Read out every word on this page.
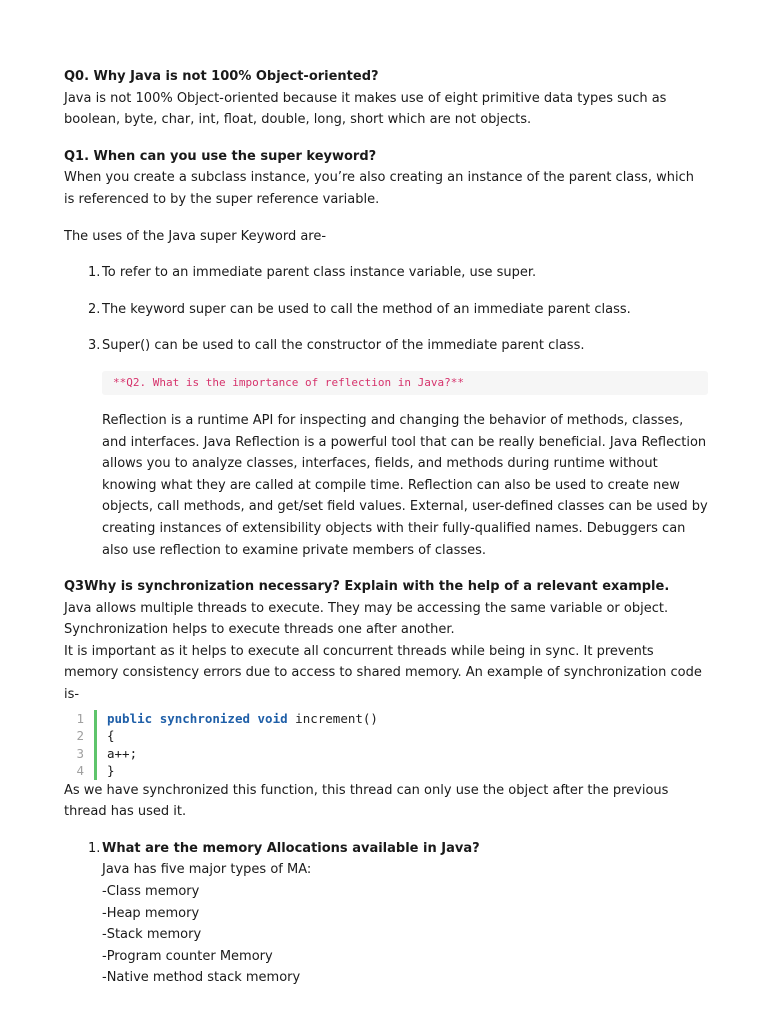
Q0. Why Java is not 100% Object-oriented?

Java is not 100% Object-oriented because it makes use of eight primitive data types such as boolean, byte, char, int, float, double, long, short which are not objects.

Q1. When can you use the super keyword?

When you create a subclass instance, you’re also creating an instance of the parent class, which is referenced to by the super reference variable.

The uses of the Java super Keyword are-

1. To refer to an immediate parent class instance variable, use super.
2. The keyword super can be used to call the method of an immediate parent class.
3. Super() can be used to call the constructor of the immediate parent class.
**Q2. What is the importance of reflection in Java?**

Reflection is a runtime API for inspecting and changing the behavior of methods, classes, and interfaces. Java Reflection is a powerful tool that can be really beneficial. Java Reflection allows you to analyze classes, interfaces, fields, and methods during runtime without knowing what they are called at compile time. Reflection can also be used to create new objects, call methods, and get/set field values. External, user-defined classes can be used by creating instances of extensibility objects with their fully-qualified names. Debuggers can also use reflection to examine private members of classes.

Q3Why is synchronization necessary? Explain with the help of a relevant example.

Java allows multiple threads to execute. They may be accessing the same variable or object. Synchronization helps to execute threads one after another.

It is important as it helps to execute all concurrent threads while being in sync. It prevents memory consistency errors due to access to shared memory. An example of synchronization code is-

1
2
3
4
public synchronized void increment()
{
a++;
}

As we have synchronized this function, this thread can only use the object after the previous thread has used it.

1. What are the memory Allocations available in Java?
Java has five major types of MA:
-Class memory
-Heap memory
-Stack memory
-Program counter Memory
-Native method stack memory
